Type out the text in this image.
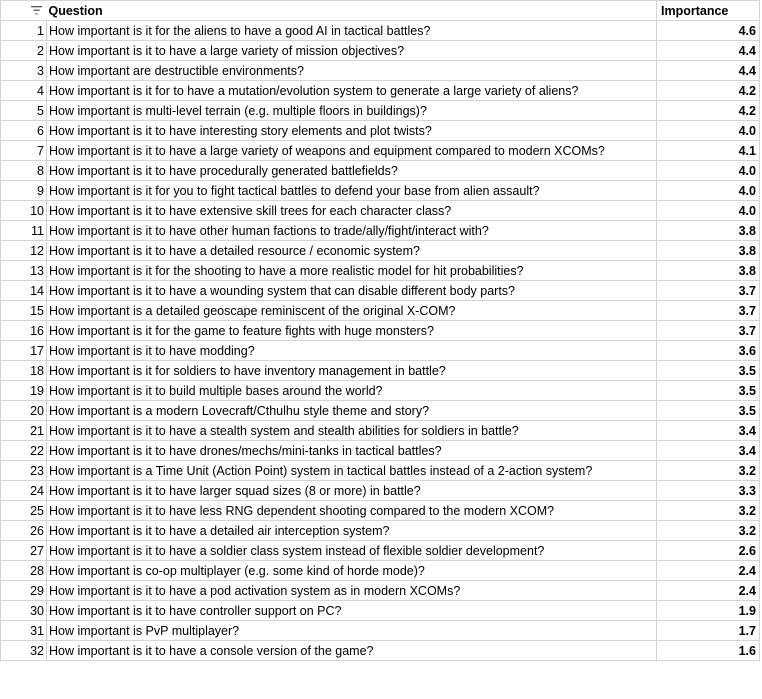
	Question	Importance
1	How important is it for the aliens to have a good AI in tactical battles?	4.6
2	How important is it to have a large variety of mission objectives?	4.4
3	How important are destructible environments?	4.4
4	How important is it for to have a mutation/evolution system to generate a large variety of aliens?	4.2
5	How important is multi-level terrain (e.g. multiple floors in buildings)?	4.2
6	How important is it to have interesting story elements and plot twists?	4.0
7	How important is it to have a large variety of weapons and equipment compared to modern XCOMs?	4.1
8	How important is it to have procedurally generated battlefields?	4.0
9	How important is it for you to fight tactical battles to defend your base from alien assault?	4.0
10	How important is it to have extensive skill trees for each character class?	4.0
11	How important is it to have other human factions to trade/ally/fight/interact with?	3.8
12	How important is it to have a detailed resource / economic system?	3.8
13	How important is it for the shooting to have a more realistic model for hit probabilities?	3.8
14	How important is it to have a wounding system that can disable different body parts?	3.7
15	How important is a detailed geoscape reminiscent of the original X-COM?	3.7
16	How important is it for the game to feature fights with huge monsters?	3.7
17	How important is it to have modding?	3.6
18	How important is it for soldiers to have inventory management in battle?	3.5
19	How important is it to build multiple bases around the world?	3.5
20	How important is a modern Lovecraft/Cthulhu style theme and story?	3.5
21	How important is it to have a stealth system and stealth abilities for soldiers in battle?	3.4
22	How important is it to have drones/mechs/mini-tanks in tactical battles?	3.4
23	How important is a Time Unit (Action Point) system in tactical battles instead of a 2-action system?	3.2
24	How important is it to have larger squad sizes (8 or more) in battle?	3.3
25	How important is it to have less RNG dependent shooting compared to the modern XCOM?	3.2
26	How important is it to have a detailed air interception system?	3.2
27	How important is it to have a soldier class system instead of flexible soldier development?	2.6
28	How important is co-op multiplayer (e.g. some kind of horde mode)?	2.4
29	How important is it to have a pod activation system as in modern XCOMs?	2.4
30	How important is it to have controller support on PC?	1.9
31	How important is PvP multiplayer?	1.7
32	How important is it to have a console version of the game?	1.6
